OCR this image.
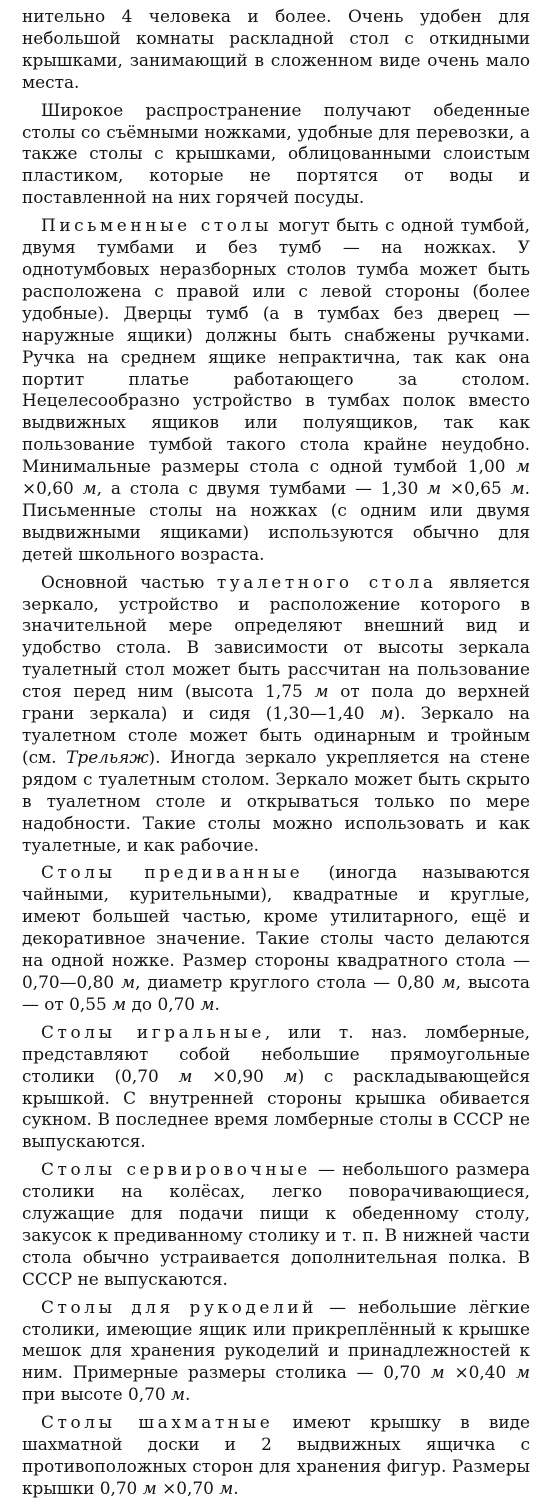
нительно 4 человека и более. Очень удобен для небольшой комнаты раскладной стол с откидными крышками, занимающий в сложенном виде очень мало места.

Широкое распространение получают обеденные столы со съёмными ножками, удобные для перевозки, а также столы с крышками, облицованными слоистым пластиком, которые не портятся от воды и поставленной на них горячей посуды.

Письменные столы могут быть с одной тумбой, двумя тумбами и без тумб — на ножках. У однотумбовых неразборных столов тумба может быть расположена с правой или с левой стороны (более удобные). Дверцы тумб (а в тумбах без дверец — наружные ящики) должны быть снабжены ручками. Ручка на среднем ящике непрактична, так как она портит платье работающего за столом. Нецелесообразно устройство в тумбах полок вместо выдвижных ящиков или полуящиков, так как пользование тумбой такого стола крайне неудобно. Минимальные размеры стола с одной тумбой 1,00 м ×0,60 м, а стола с двумя тумбами — 1,30 м ×0,65 м. Письменные столы на ножках (с одним или двумя выдвижными ящиками) используются обычно для детей школьного возраста.

Основной частью туалетного стола является зеркало, устройство и расположение которого в значительной мере определяют внешний вид и удобство стола. В зависимости от высоты зеркала туалетный стол может быть рассчитан на пользование стоя перед ним (высота 1,75 м от пола до верхней грани зеркала) и сидя (1,30—1,40 м). Зеркало на туалетном столе может быть одинарным и тройным (см. Трельяж). Иногда зеркало укрепляется на стене рядом с туалетным столом. Зеркало может быть скрыто в туалетном столе и открываться только по мере надобности. Такие столы можно использовать и как туалетные, и как рабочие.

Столы предиванные (иногда называются чайными, курительными), квадратные и круглые, имеют большей частью, кроме утилитарного, ещё и декоративное значение. Такие столы часто делаются на одной ножке. Размер стороны квадратного стола — 0,70—0,80 м, диаметр круглого стола — 0,80 м, высота — от 0,55 м до 0,70 м.

Столы игральные, или т. наз. ломберные, представляют собой небольшие прямоугольные столики (0,70 м ×0,90 м) с раскладывающейся крышкой. С внутренней стороны крышка обивается сукном. В последнее время ломберные столы в СССР не выпускаются.

Столы сервировочные — небольшого размера столики на колёсах, легко поворачивающиеся, служащие для подачи пищи к обеденному столу, закусок к предиванному столику и т. п. В нижней части стола обычно устраивается дополнительная полка. В СССР не выпускаются.

Столы для рукоделий — небольшие лёгкие столики, имеющие ящик или прикреплённый к крышке мешок для хранения рукоделий и принадлежностей к ним. Примерные размеры столика — 0,70 м ×0,40 м при высоте 0,70 м.

Столы шахматные имеют крышку в виде шахматной доски и 2 выдвижных ящичка с противоположных сторон для хранения фигур. Размеры крышки 0,70 м ×0,70 м.
